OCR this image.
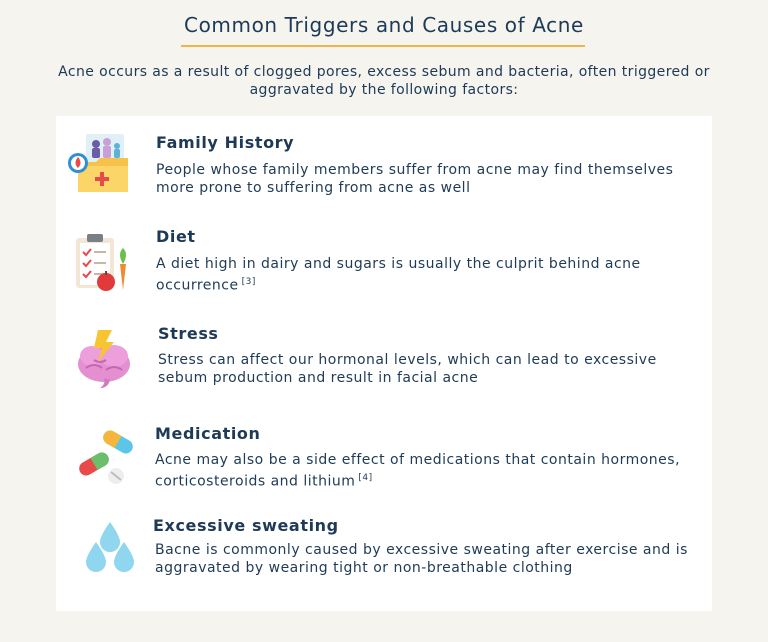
Common Triggers and Causes of Acne
Acne occurs as a result of clogged pores, excess sebum and bacteria, often triggered or aggravated by the following factors:
Family History
People whose family members suffer from acne may find themselves more prone to suffering from acne as well
Diet
A diet high in dairy and sugars is usually the culprit behind acne occurrence [3]
Stress
Stress can affect our hormonal levels, which can lead to excessive sebum production and result in facial acne
Medication
Acne may also be a side effect of medications that contain hormones, corticosteroids and lithium [4]
Excessive sweating
Bacne is commonly caused by excessive sweating after exercise and is aggravated by wearing tight or non-breathable clothing
